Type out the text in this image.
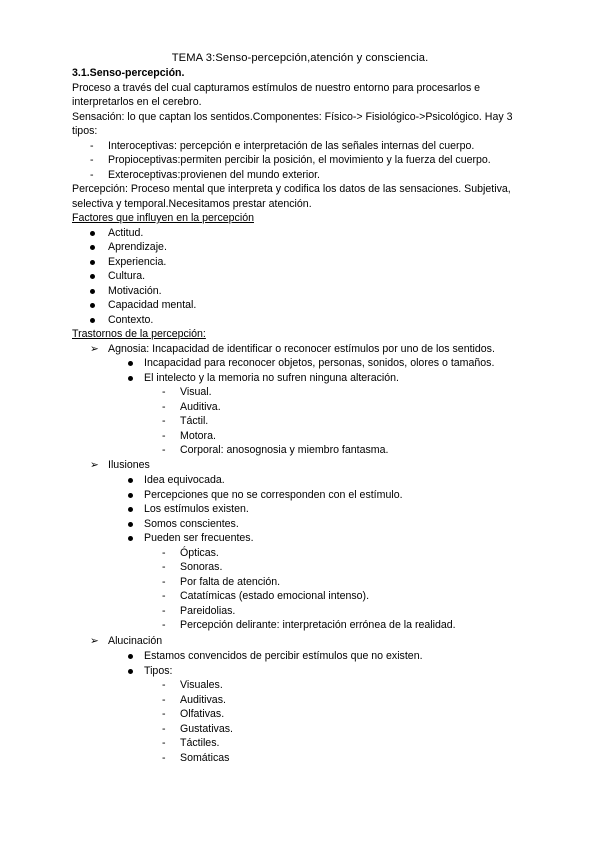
TEMA 3:Senso-percepción,atención y consciencia.
3.1.Senso-percepción.
Proceso a través del cual capturamos estímulos de nuestro entorno para procesarlos e
interpretarlos en el cerebro.
Sensación: lo que captan los sentidos.Componentes: Físico-> Fisiológico->Psicológico. Hay 3
tipos:
- Interoceptivas: percepción e interpretación de las señales internas del cuerpo.
- Propioceptivas:permiten percibir la posición, el movimiento y la fuerza del cuerpo.
- Exteroceptivas:provienen del mundo exterior.
Percepción: Proceso mental que interpreta y codifica los datos de las sensaciones. Subjetiva,
selectiva y temporal.Necesitamos prestar atención.
Factores que influyen en la percepción
Actitud.
Aprendizaje.
Experiencia.
Cultura.
Motivación.
Capacidad mental.
Contexto.
Trastornos de la percepción:
➢ Agnosia: Incapacidad de identificar o reconocer estímulos por uno de los sentidos.
Incapacidad para reconocer objetos, personas, sonidos, olores o tamaños.
El intelecto y la memoria no sufren ninguna alteración.
- Visual.
- Auditiva.
- Táctil.
- Motora.
- Corporal: anosognosia y miembro fantasma.
➢ Ilusiones
Idea equivocada.
Percepciones que no se corresponden con el estímulo.
Los estímulos existen.
Somos conscientes.
Pueden ser frecuentes.
- Ópticas.
- Sonoras.
- Por falta de atención.
- Catatímicas (estado emocional intenso).
- Pareidolias.
- Percepción delirante: interpretación errónea de la realidad.
➢ Alucinación
Estamos convencidos de percibir estímulos que no existen.
Tipos:
- Visuales.
- Auditivas.
- Olfativas.
- Gustativas.
- Táctiles.
- Somáticas
